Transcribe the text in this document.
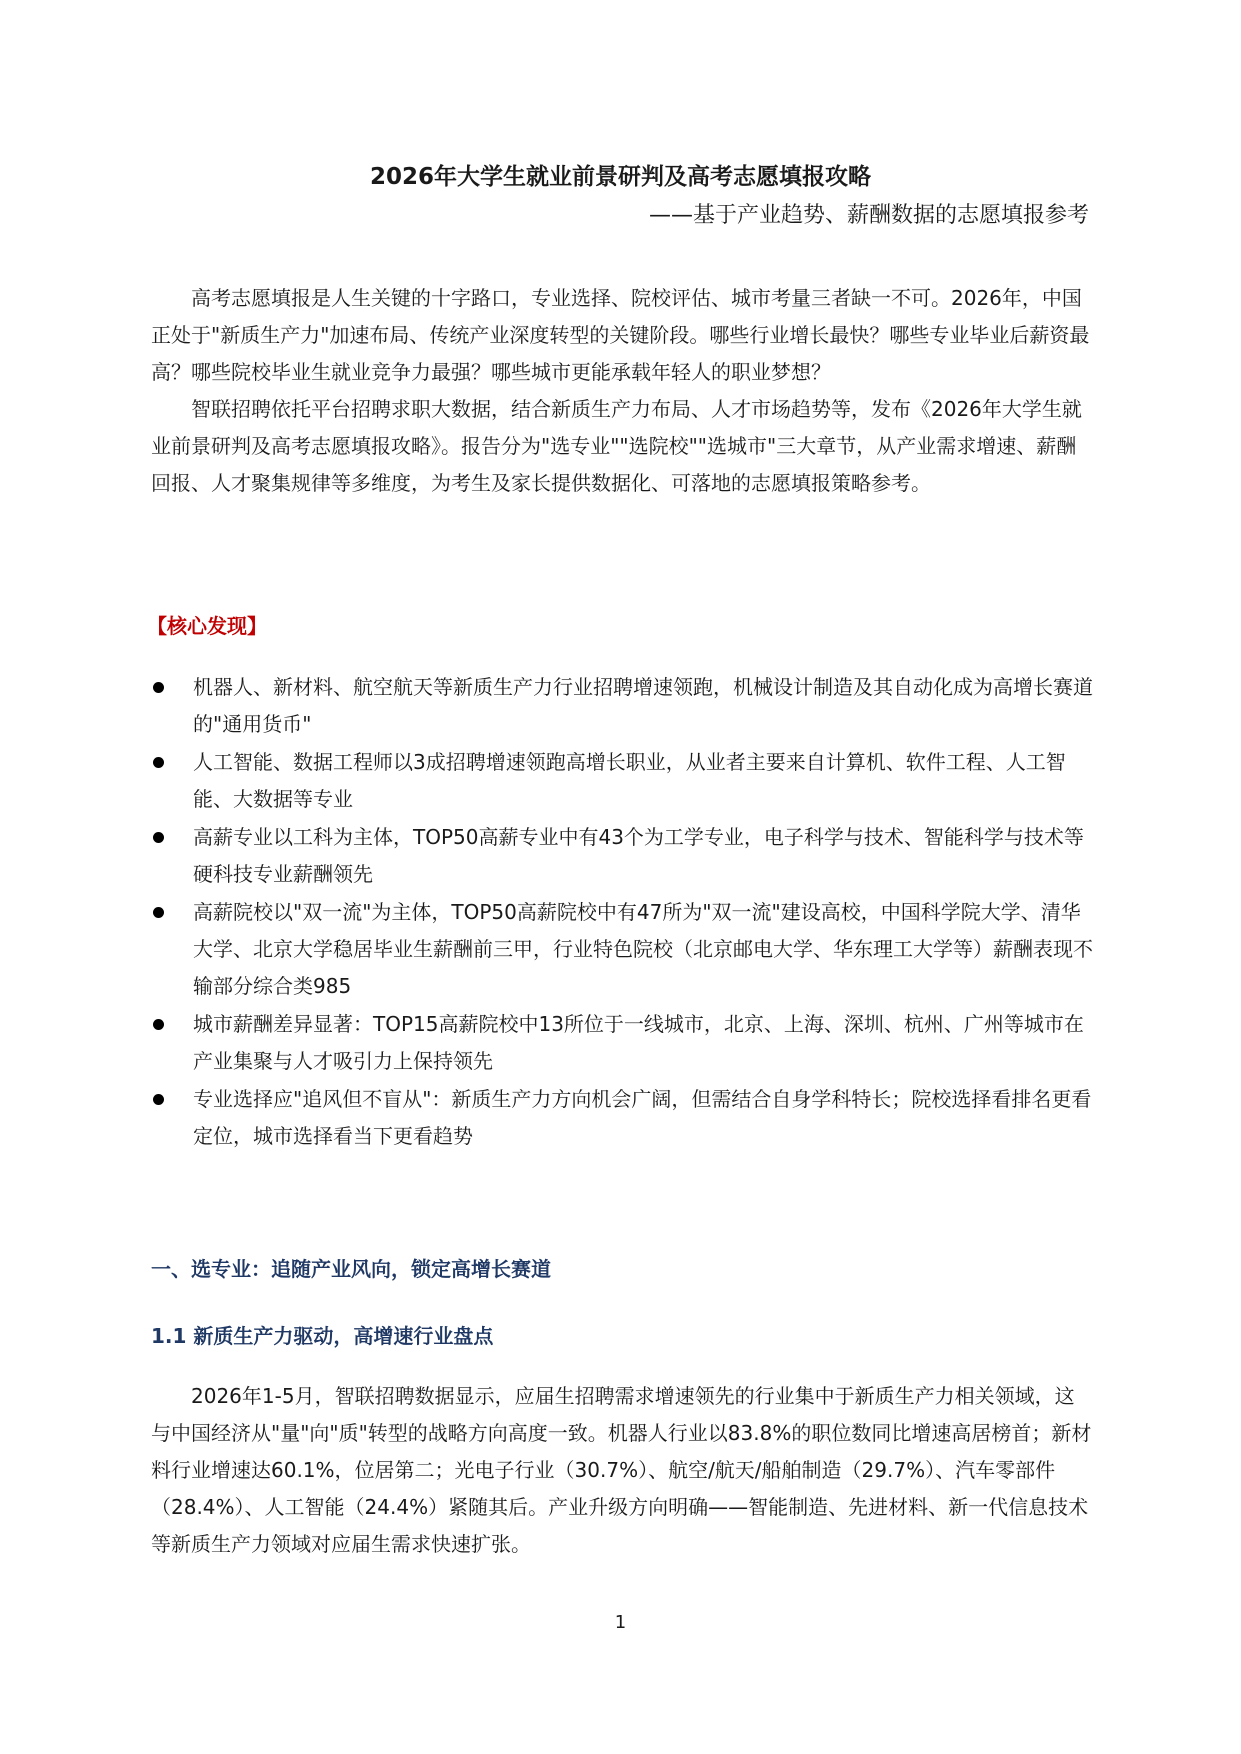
2026年大学生就业前景研判及高考志愿填报攻略

——基于产业趋势、薪酬数据的志愿填报参考

高考志愿填报是人生关键的十字路口，专业选择、院校评估、城市考量三者缺一不可。2026年，中国正处于"新质生产力"加速布局、传统产业深度转型的关键阶段。哪些行业增长最快？哪些专业毕业后薪资最高？哪些院校毕业生就业竞争力最强？哪些城市更能承载年轻人的职业梦想？

智联招聘依托平台招聘求职大数据，结合新质生产力布局、人才市场趋势等，发布《2026年大学生就业前景研判及高考志愿填报攻略》。报告分为"选专业""选院校""选城市"三大章节，从产业需求增速、薪酬回报、人才聚集规律等多维度，为考生及家长提供数据化、可落地的志愿填报策略参考。

【核心发现】

机器人、新材料、航空航天等新质生产力行业招聘增速领跑，机械设计制造及其自动化成为高增长赛道的"通用货币"
人工智能、数据工程师以3成招聘增速领跑高增长职业，从业者主要来自计算机、软件工程、人工智能、大数据等专业
高薪专业以工科为主体，TOP50高薪专业中有43个为工学专业，电子科学与技术、智能科学与技术等硬科技专业薪酬领先
高薪院校以"双一流"为主体，TOP50高薪院校中有47所为"双一流"建设高校，中国科学院大学、清华大学、北京大学稳居毕业生薪酬前三甲，行业特色院校（北京邮电大学、华东理工大学等）薪酬表现不输部分综合类985
城市薪酬差异显著：TOP15高薪院校中13所位于一线城市，北京、上海、深圳、杭州、广州等城市在产业集聚与人才吸引力上保持领先
专业选择应"追风但不盲从"：新质生产力方向机会广阔，但需结合自身学科特长；院校选择看排名更看定位，城市选择看当下更看趋势
一、选专业：追随产业风向，锁定高增长赛道
1.1 新质生产力驱动，高增速行业盘点

2026年1-5月，智联招聘数据显示，应届生招聘需求增速领先的行业集中于新质生产力相关领域，这与中国经济从"量"向"质"转型的战略方向高度一致。机器人行业以83.8%的职位数同比增速高居榜首；新材料行业增速达60.1%，位居第二；光电子行业（30.7%）、航空/航天/船舶制造（29.7%）、汽车零部件（28.4%）、人工智能（24.4%）紧随其后。产业升级方向明确——智能制造、先进材料、新一代信息技术等新质生产力领域对应届生需求快速扩张。

1
